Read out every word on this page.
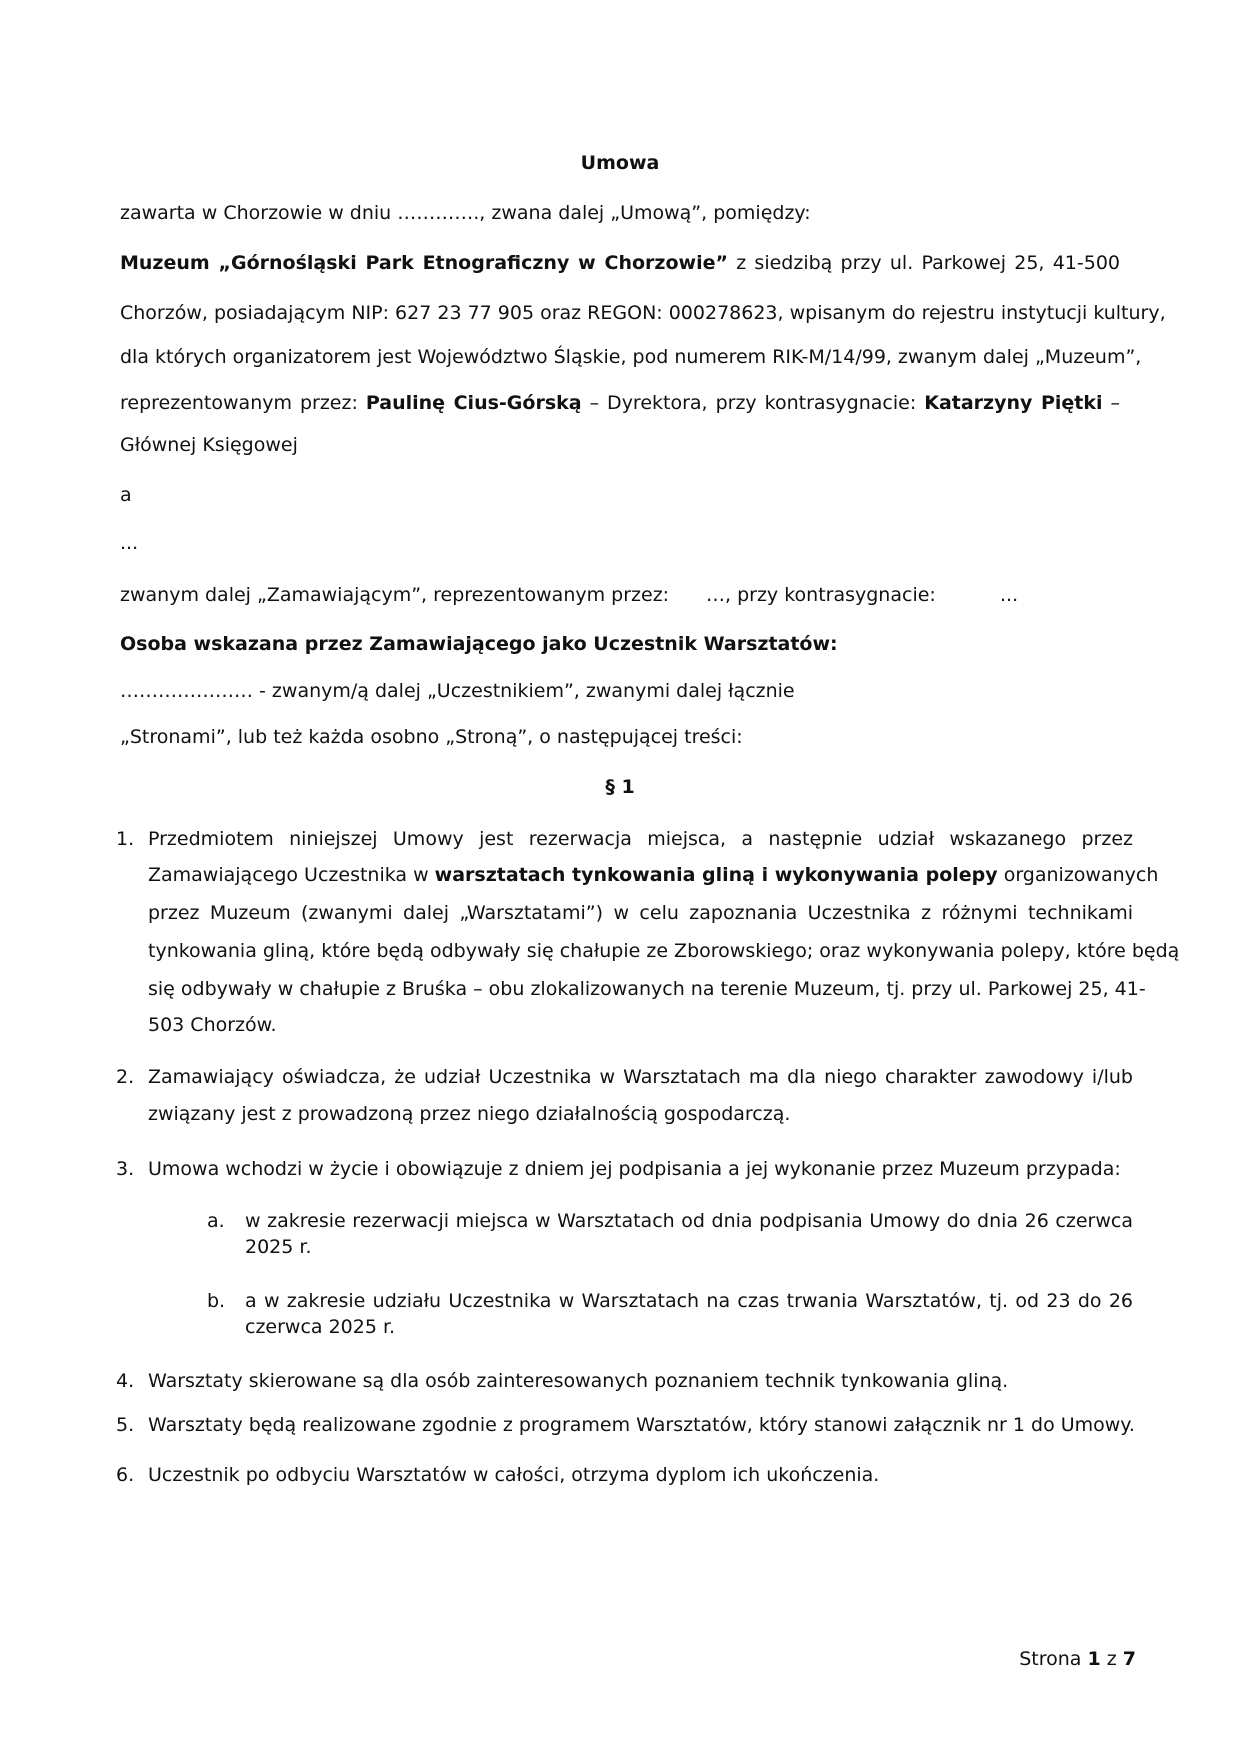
Umowa
zawarta w Chorzowie w dniu …………., zwana dalej „Umową”, pomiędzy:
Muzeum „Górnośląski Park Etnograficzny w Chorzowie” z siedzibą przy ul. Parkowej 25, 41-500
Chorzów, posiadającym NIP: 627 23 77 905 oraz REGON: 000278623, wpisanym do rejestru instytucji kultury,
dla których organizatorem jest Województwo Śląskie, pod numerem RIK-M/14/99, zwanym dalej „Muzeum”,
reprezentowanym przez: Paulinę Cius-Górską – Dyrektora, przy kontrasygnacie: Katarzyny Piętki –
Głównej Księgowej
a
...
zwanym dalej „Zamawiającym”, reprezentowanym przez: …, przy kontrasygnacie:	...
Osoba wskazana przez Zamawiającego jako Uczestnik Warsztatów:
………………… - zwanym/ą dalej „Uczestnikiem”, zwanymi dalej łącznie
„Stronami”, lub też każda osobno „Stroną”, o następującej treści:
§ 1
1. Przedmiotem niniejszej Umowy jest rezerwacja miejsca, a następnie udział wskazanego przez
Zamawiającego Uczestnika w warsztatach tynkowania gliną i wykonywania polepy organizowanych
przez Muzeum (zwanymi dalej „Warsztatami”) w celu zapoznania Uczestnika z różnymi technikami
tynkowania gliną, które będą odbywały się chałupie ze Zborowskiego; oraz wykonywania polepy, które będą
się odbywały w chałupie z Bruśka – obu zlokalizowanych na terenie Muzeum, tj. przy ul. Parkowej 25, 41-
503 Chorzów.
2. Zamawiający oświadcza, że udział Uczestnika w Warsztatach ma dla niego charakter zawodowy i/lub
związany jest z prowadzoną przez niego działalnością gospodarczą.
3. Umowa wchodzi w życie i obowiązuje z dniem jej podpisania a jej wykonanie przez Muzeum przypada:
a. w zakresie rezerwacji miejsca w Warsztatach od dnia podpisania Umowy do dnia 26 czerwca
2025 r.
b. a w zakresie udziału Uczestnika w Warsztatach na czas trwania Warsztatów, tj. od 23 do 26
czerwca 2025 r.
4. Warsztaty skierowane są dla osób zainteresowanych poznaniem technik tynkowania gliną.
5. Warsztaty będą realizowane zgodnie z programem Warsztatów, który stanowi załącznik nr 1 do Umowy.
6. Uczestnik po odbyciu Warsztatów w całości, otrzyma dyplom ich ukończenia.
Strona 1 z 7
